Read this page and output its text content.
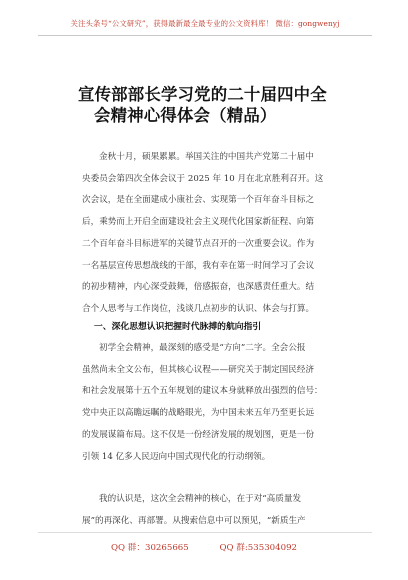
关注头条号“公文研究”，获得最新最全最专业的公文资料库！ 微信：gongwenyj
宣传部部长学习党的二十届四中全
会精神心得体会（精品）
金秋十月，硕果累累。举国关注的中国共产党第二十届中
央委员会第四次全体会议于 2025 年 10 月在北京胜利召开。这
次会议，是在全面建成小康社会、实现第一个百年奋斗目标之
后，乘势而上开启全面建设社会主义现代化国家新征程、向第
二个百年奋斗目标进军的关键节点召开的一次重要会议。作为
一名基层宣传思想战线的干部，我有幸在第一时间学习了会议
的初步精神，内心深受鼓舞，倍感振奋，也深感责任重大。结
合个人思考与工作岗位，浅谈几点初步的认识、体会与打算。
一、深化思想认识把握时代脉搏的航向指引
初学全会精神，最深刻的感受是“方向”二字。全会公报
虽然尚未全文公布，但其核心议程——研究关于制定国民经济
和社会发展第十五个五年规划的建议本身就释放出强烈的信号：
党中央正以高瞻远瞩的战略眼光，为中国未来五年乃至更长远
的发展谋篇布局。这不仅是一份经济发展的规划图，更是一份
引领 14 亿多人民迈向中国式现代化的行动纲领。
我的认识是，这次全会精神的核心，在于对“高质量发
展”的再深化、再部署。从搜索信息中可以预见，“新质生产
QQ 群：30265665	QQ 群:535304092
